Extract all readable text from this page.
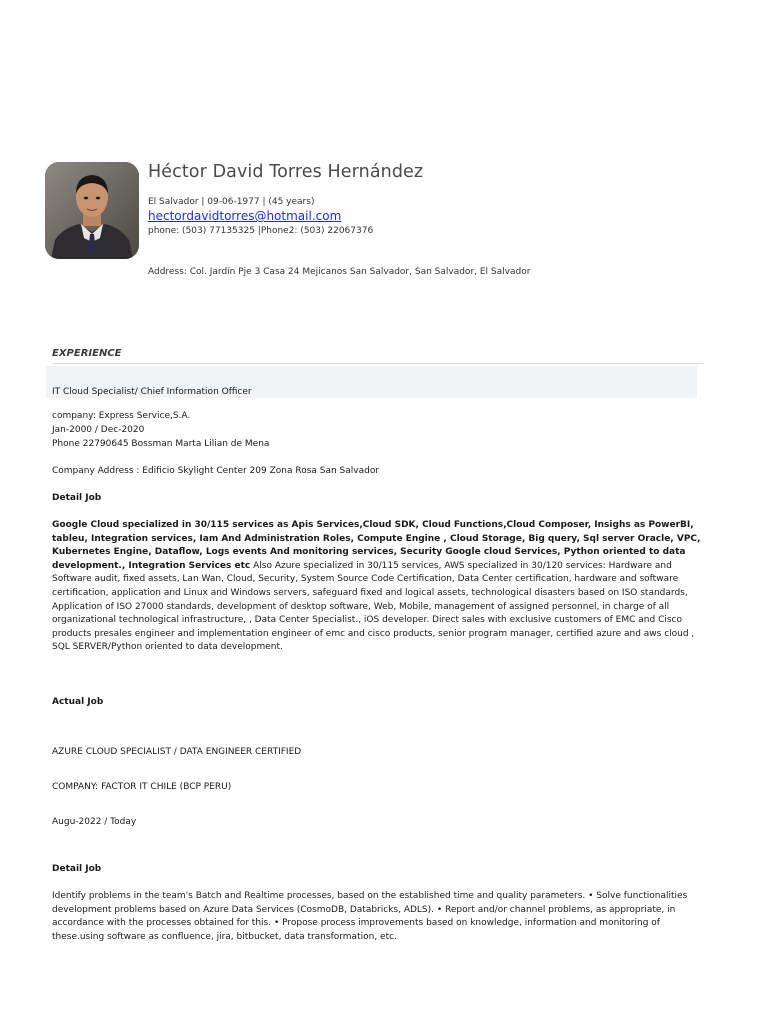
Héctor David Torres Hernández
El Salvador | 09-06-1977 | (45 years)
hectordavidtorres@hotmail.com
phone: (503) 77135325 |Phone2: (503) 22067376
Address: Col. Jardín Pje 3 Casa 24 Mejicanos San Salvador, San Salvador, El Salvador
EXPERIENCE
IT Cloud Specialist/ Chief Information Officer
company: Express Service,S.A.
Jan-2000 / Dec-2020
Phone 22790645 Bossman Marta Lilian de Mena
Company Address : Edificio Skylight Center 209 Zona Rosa San Salvador
Detail Job
Google Cloud specialized in 30/115 services as Apis Services,Cloud SDK, Cloud Functions,Cloud Composer, Insighs as PowerBI, tableu, Integration services, Iam And Administration Roles, Compute Engine , Cloud Storage, Big query, Sql server Oracle, VPC, Kubernetes Engine, Dataflow, Logs events And monitoring services, Security Google cloud Services, Python oriented to data development., Integration Services etc Also Azure specialized in 30/115 services, AWS specialized in 30/120 services: Hardware and Software audit, fixed assets, Lan Wan, Cloud, Security, System Source Code Certification, Data Center certification, hardware and software certification, application and Linux and Windows servers, safeguard fixed and logical assets, technological disasters based on ISO standards, Application of ISO 27000 standards, development of desktop software, Web, Mobile, management of assigned personnel, in charge of all organizational technological infrastructure, , Data Center Specialist., iOS developer. Direct sales with exclusive customers of EMC and Cisco products presales engineer and implementation engineer of emc and cisco products, senior program manager, certified azure and aws cloud , SQL SERVER/Python oriented to data development.
Actual Job
AZURE CLOUD SPECIALIST / DATA ENGINEER CERTIFIED
COMPANY: FACTOR IT CHILE (BCP PERU)
Augu-2022 / Today
Detail Job
Identify problems in the team's Batch and Realtime processes, based on the established time and quality parameters. • Solve functionalities development problems based on Azure Data Services (CosmoDB, Databricks, ADLS). • Report and/or channel problems, as appropriate, in accordance with the processes obtained for this. • Propose process improvements based on knowledge, information and monitoring of these.using software as confluence, jira, bitbucket, data transformation, etc.
